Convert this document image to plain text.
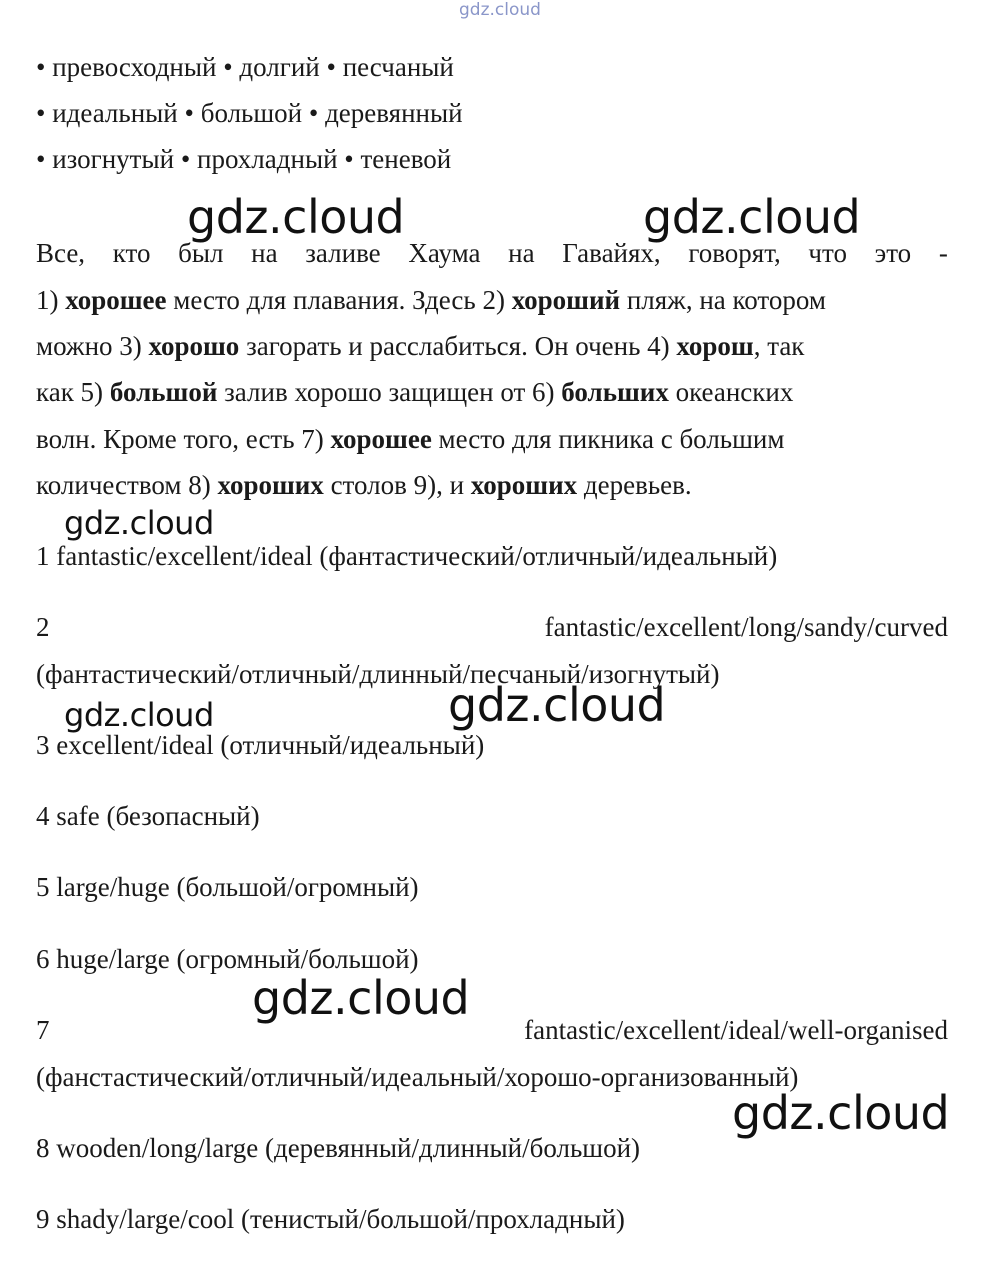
gdz.cloud
• превосходный • долгий • песчаный
• идеальный • большой • деревянный
• изогнутый • прохладный • теневой
Все, кто был на заливе Хаума на Гавайях, говорят, что это -
1) хорошее место для плавания. Здесь 2) хороший пляж, на котором
можно 3) хорошо загорать и расслабиться. Он очень 4) хорош, так
как 5) большой залив хорошо защищен от 6) больших океанских
волн. Кроме того, есть 7) хорошее место для пикника с большим
количеством 8) хороших столов 9), и хороших деревьев.
1 fantastic/excellent/ideal (фантастический/отличный/идеальный)
2	fantastic/excellent/long/sandy/curved
(фантастический/отличный/длинный/песчаный/изогнутый)
3 excellent/ideal (отличный/идеальный)
4 safe (безопасный)
5 large/huge (большой/огромный)
6 huge/large (огромный/большой)
7	fantastic/excellent/ideal/well-organised
(фанстастический/отличный/идеальный/хорошо-организованный)
8 wooden/long/large (деревянный/длинный/большой)
9 shady/large/cool (тенистый/большой/прохладный)
gdz.cloud	gdz.cloud
gdz.cloud
gdz.cloud	gdz.cloud
gdz.cloud
gdz.cloud
